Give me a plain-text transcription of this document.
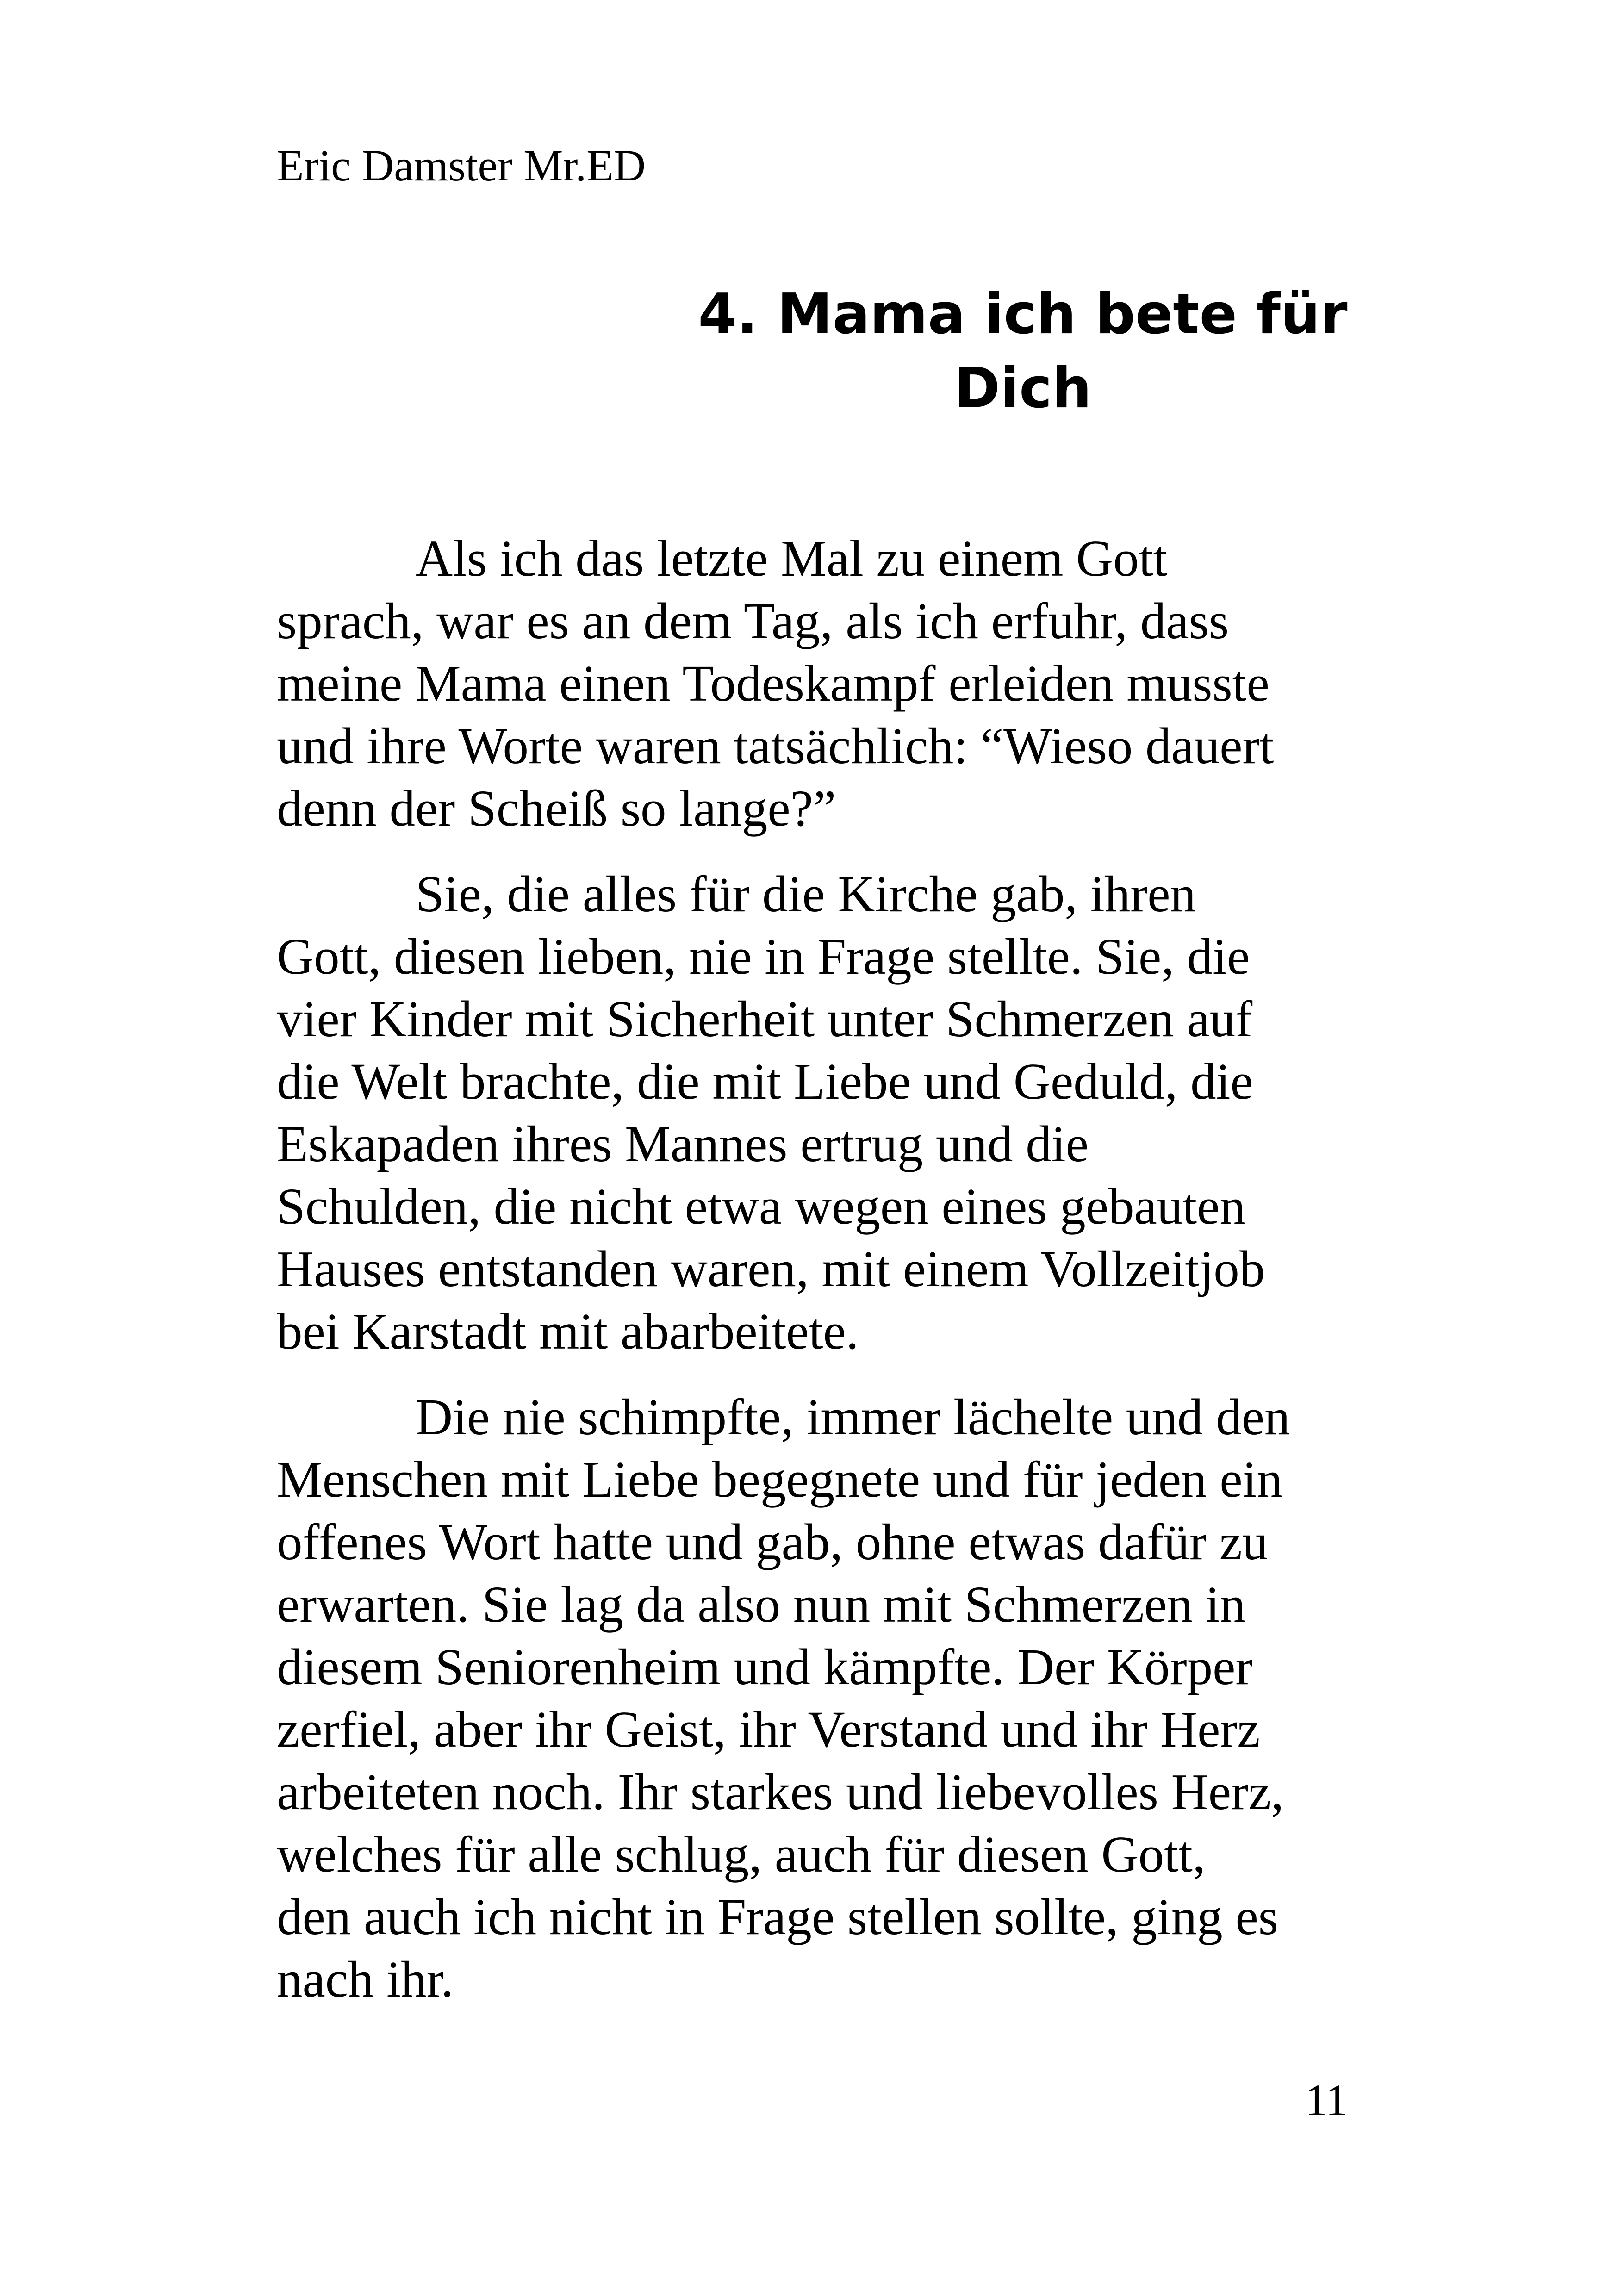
Eric Damster Mr.ED
4. Mama ich bete für
Dich

Als ich das letzte Mal zu einem Gott
sprach, war es an dem Tag, als ich erfuhr, dass
meine Mama einen Todeskampf erleiden musste
und ihre Worte waren tatsächlich: “Wieso dauert
denn der Scheiß so lange?”

Sie, die alles für die Kirche gab, ihren
Gott, diesen lieben, nie in Frage stellte. Sie, die
vier Kinder mit Sicherheit unter Schmerzen auf
die Welt brachte, die mit Liebe und Geduld, die
Eskapaden ihres Mannes ertrug und die
Schulden, die nicht etwa wegen eines gebauten
Hauses entstanden waren, mit einem Vollzeitjob
bei Karstadt mit abarbeitete.

Die nie schimpfte, immer lächelte und den
Menschen mit Liebe begegnete und für jeden ein
offenes Wort hatte und gab, ohne etwas dafür zu
erwarten. Sie lag da also nun mit Schmerzen in
diesem Seniorenheim und kämpfte. Der Körper
zerfiel, aber ihr Geist, ihr Verstand und ihr Herz
arbeiteten noch. Ihr starkes und liebevolles Herz,
welches für alle schlug, auch für diesen Gott,
den auch ich nicht in Frage stellen sollte, ging es
nach ihr.

11
